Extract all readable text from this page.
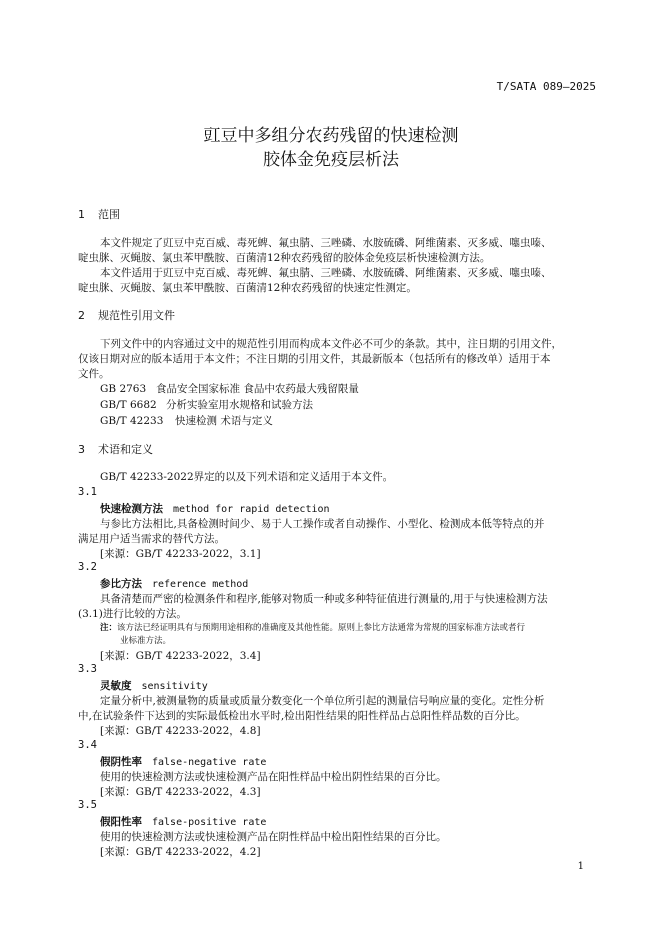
T/SATA 089—2025
豇豆中多组分农药残留的快速检测
胶体金免疫层析法
1 范围
本文件规定了豇豆中克百威、毒死蜱、氟虫腈、三唑磷、水胺硫磷、阿维菌素、灭多威、噻虫嗪、
啶虫脒、灭蝇胺、氯虫苯甲酰胺、百菌清12种农药残留的胶体金免疫层析快速检测方法。
本文件适用于豇豆中克百威、毒死蜱、氟虫腈、三唑磷、水胺硫磷、阿维菌素、灭多威、噻虫嗪、
啶虫脒、灭蝇胺、氯虫苯甲酰胺、百菌清12种农药残留的快速定性测定。
2 规范性引用文件
下列文件中的内容通过文中的规范性引用而构成本文件必不可少的条款。其中，注日期的引用文件，
仅该日期对应的版本适用于本文件；不注日期的引用文件，其最新版本（包括所有的修改单）适用于本
文件。
GB 2763 食品安全国家标准 食品中农药最大残留限量
GB/T 6682 分析实验室用水规格和试验方法
GB/T 42233 快速检测 术语与定义
3 术语和定义
GB/T 42233-2022界定的以及下列术语和定义适用于本文件。
3.1
快速检测方法 method for rapid detection
与参比方法相比,具备检测时间少、易于人工操作或者自动操作、小型化、检测成本低等特点的并
满足用户适当需求的替代方法。
[来源：GB/T 42233-2022，3.1]
3.2
参比方法 reference method
具备清楚而严密的检测条件和程序,能够对物质一种或多种特征值进行测量的,用于与快速检测方法
(3.1)进行比较的方法。
注：该方法已经证明具有与预期用途相称的准确度及其他性能。原则上参比方法通常为常规的国家标准方法或者行
业标准方法。
[来源：GB/T 42233-2022，3.4]
3.3
灵敏度 sensitivity
定量分析中,被测量物的质量或质量分数变化一个单位所引起的测量信号响应量的变化。定性分析
中,在试验条件下达到的实际最低检出水平时,检出阳性结果的阳性样品占总阳性样品数的百分比。
[来源：GB/T 42233-2022，4.8]
3.4
假阴性率 false-negative rate
使用的快速检测方法或快速检测产品在阳性样品中检出阴性结果的百分比。
[来源：GB/T 42233-2022，4.3]
3.5
假阳性率 false-positive rate
使用的快速检测方法或快速检测产品在阴性样品中检出阳性结果的百分比。
[来源：GB/T 42233-2022，4.2]
1
